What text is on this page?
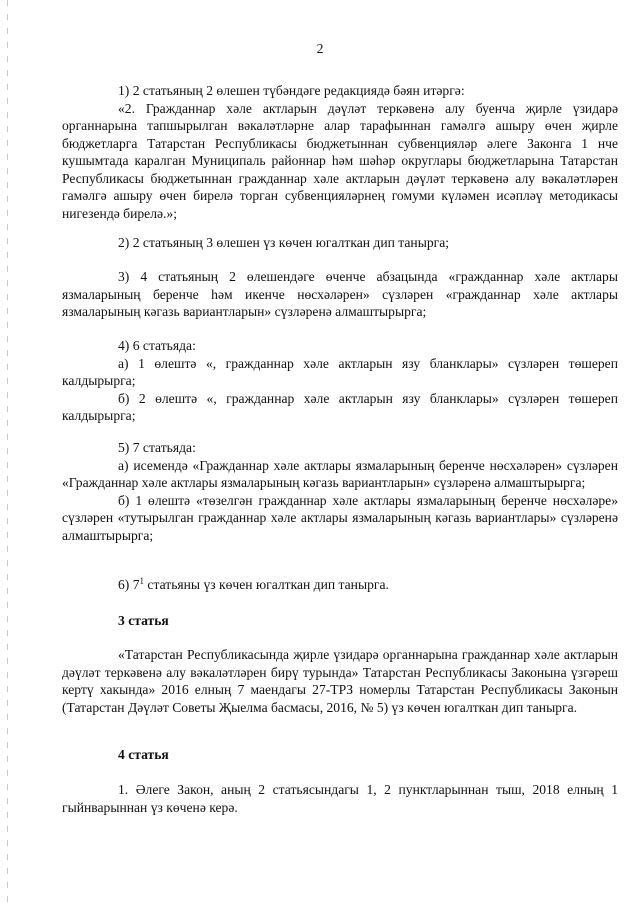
2

1) 2 статьяның 2 өлешен түбәндәге редакциядә бәян итәргә:

«2. Гражданнар хәле актларын дәүләт теркәвенә алу буенча җирле үзидарә органнарына тапшырылган вәкаләтләрне алар тарафыннан гамәлгә ашыру өчен җирле бюджетларга Татарстан Республикасы бюджетыннан субвенцияләр әлеге Законга 1 нче кушымтада каралган Муниципаль районнар һәм шәһәр округлары бюджетларына Татарстан Республикасы бюджетыннан гражданнар хәле актларын дәүләт теркәвенә алу вәкаләтләрен гамәлгә ашыру өчен бирелә торган субвенцияләрнең гомуми күләмен исәпләү методикасы нигезендә бирелә.»;

2) 2 статьяның 3 өлешен үз көчен югалткан дип танырга;

3) 4 статьяның 2 өлешендәге өченче абзацында «гражданнар хәле актлары язмаларының беренче һәм икенче нөсхәләрен» сүзләрен «гражданнар хәле актлары язмаларының кәгазь вариантларын» сүзләренә алмаштырырга;

4) 6 статьяда:

а) 1 өлештә «, гражданнар хәле актларын язу бланклары» сүзләрен төшереп калдырырга;

б) 2 өлештә «, гражданнар хәле актларын язу бланклары» сүзләрен төшереп калдырырга;

5) 7 статьяда:

а) исемендә «Гражданнар хәле актлары язмаларының беренче нөсхәләрен» сүзләрен «Гражданнар хәле актлары язмаларының кәгазь вариантларын» сүзләренә алмаштырырга;

б) 1 өлештә «төзелгән гражданнар хәле актлары язмаларының беренче нөсхәләре» сүзләрен «тутырылган гражданнар хәле актлары язмаларының кәгазь вариантлары» сүзләренә алмаштырырга;

6) $7^1$ статьяны үз көчен югалткан дип танырга.

3 статья

«Татарстан Республикасында җирле үзидарә органнарына гражданнар хәле актларын дәүләт теркәвенә алу вәкаләтләрен бирү турында» Татарстан Республикасы Законына үзгәреш кертү хакында» 2016 елның 7 маендагы 27-ТРЗ номерлы Татарстан Республикасы Законын (Татарстан Дәүләт Советы Җыелма басмасы, 2016, № 5) үз көчен югалткан дип танырга.

4 статья

1. Әлеге Закон, аның 2 статьясындагы 1, 2 пунктларыннан тыш, 2018 елның 1 гыйнварыннан үз көченә керә.
